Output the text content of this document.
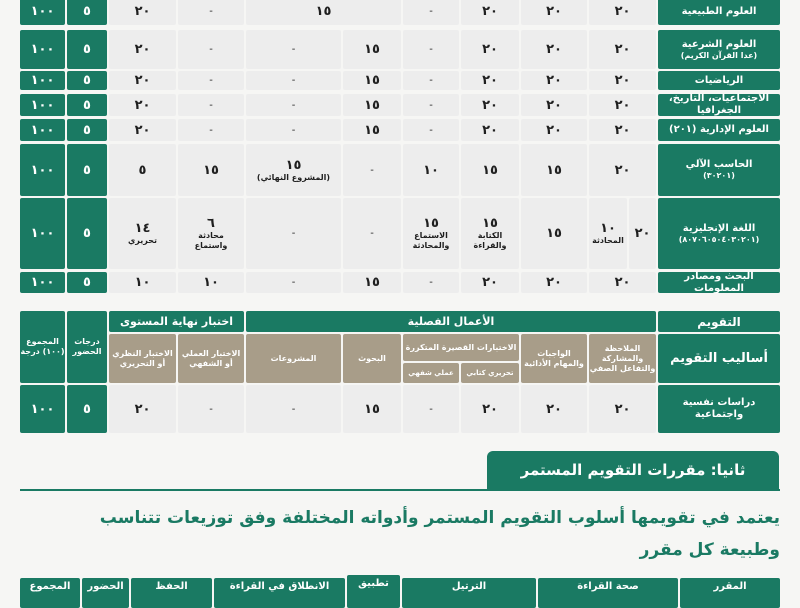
العلوم الطبيعية
٢٠
٢٠
٢٠
-
١٥
-
٢٠
٥
١٠٠
العلوم الشرعية
(عدا القرآن الكريم)
٢٠
٢٠
٢٠
-
١٥
-
-
٢٠
٥
١٠٠
الرياضيات
٢٠
٢٠
٢٠
-
١٥
-
-
٢٠
٥
١٠٠
الاجتماعيات، التاريخ، الجغرافيا
٢٠
٢٠
٢٠
-
١٥
-
-
٢٠
٥
١٠٠
العلوم الإدارية (٢٠١)
٢٠
٢٠
٢٠
-
١٥
-
-
٢٠
٥
١٠٠
الحاسب الآلي
(٣٠٢٠١)
٢٠
١٥
١٥
١٠
-
١٥
(المشروع النهائي)
١٥
٥
٥
١٠٠
اللغة الإنجليزية
(٨٠٧٠٦٠٥٠٤٠٣٠٢٠١)
١٠
المحادثة ٢٠
١٥
١٥
الكتابة والقراءة
١٥
الاستماع والمحادثة
-
-
٦
محادثة واستماع
١٤
تحريري
٥
١٠٠
البحث ومصادر المعلومات
٢٠
٢٠
٢٠
-
١٥
-
١٠
١٠
٥
١٠٠
التقويم
الأعمال الفصلية
اختبار نهاية المستوى
درجات الحضور
المجموع (١٠٠) درجة	أساليب التقويم
الملاحظة والمشاركة والتفاعل الصفي
الواجبات والمهام الأدائية
الاختبارات القصيرة المتكررة
تحريري كتابي
عملي شفهي
البحوث
المشروعات
الاختبار العملي أو الشفهي
الاختبار النظري أو التحريري
دراسات نفسية واجتماعية
٢٠
٢٠
٢٠
-
١٥
-
-
٢٠
٥
١٠٠
ثانيا: مقررات التقويم المستمر
يعتمد في تقويمها أسلوب التقويم المستمر وأدواته المختلفة وفق توزيعات تتناسب
وطبيعة كل مقرر
المقرر
صحة القراءة
الترتيل
تطبيق
الانطلاق في القراءة
الحفظ
الحضور
المجموع
